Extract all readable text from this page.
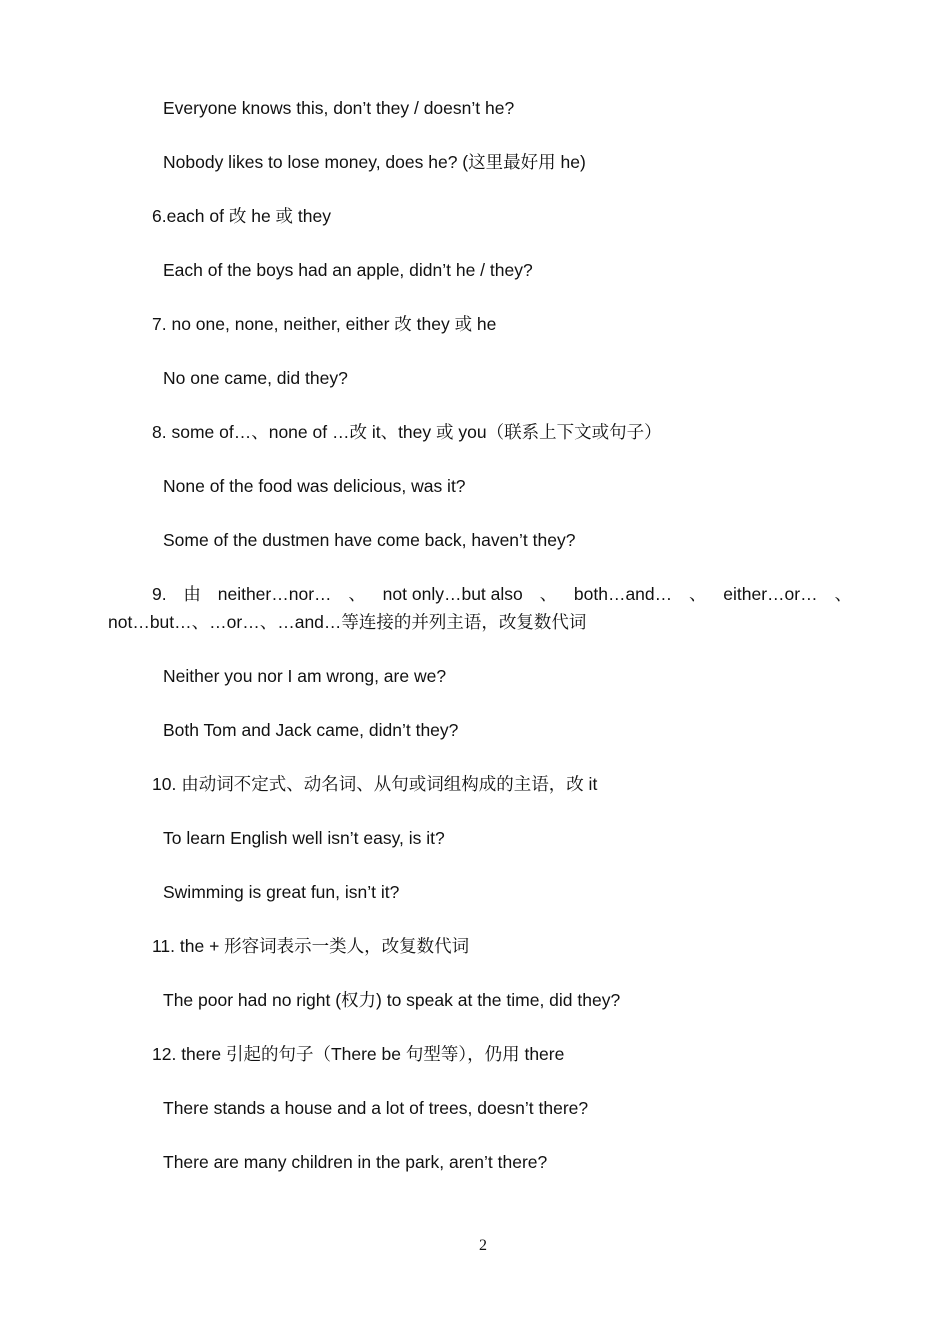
Everyone knows this, don’t they / doesn’t he?
Nobody likes to lose money, does he? (这里最好用 he)
6.each of 改 he 或 they
Each of the boys had an apple, didn’t he / they?
7. no one, none, neither, either 改 they 或 he
No one came, did they?
8. some of…、none of …改 it、they 或 you（联系上下文或句子）
None of the food was delicious, was it?
Some of the dustmen have come back, haven’t they?
9. 由 neither…nor… 、 not only…but also 、 both…and… 、 either…or… 、
not…but…、…or…、…and…等连接的并列主语，改复数代词
Neither you nor I am wrong, are we?
Both Tom and Jack came, didn’t they?
10. 由动词不定式、动名词、从句或词组构成的主语，改 it
To learn English well isn’t easy, is it?
Swimming is great fun, isn’t it?
11. the + 形容词表示一类人，改复数代词
The poor had no right (权力) to speak at the time, did they?
12. there 引起的句子（There be 句型等），仍用 there
There stands a house and a lot of trees, doesn’t there?
There are many children in the park, aren’t there?
2
